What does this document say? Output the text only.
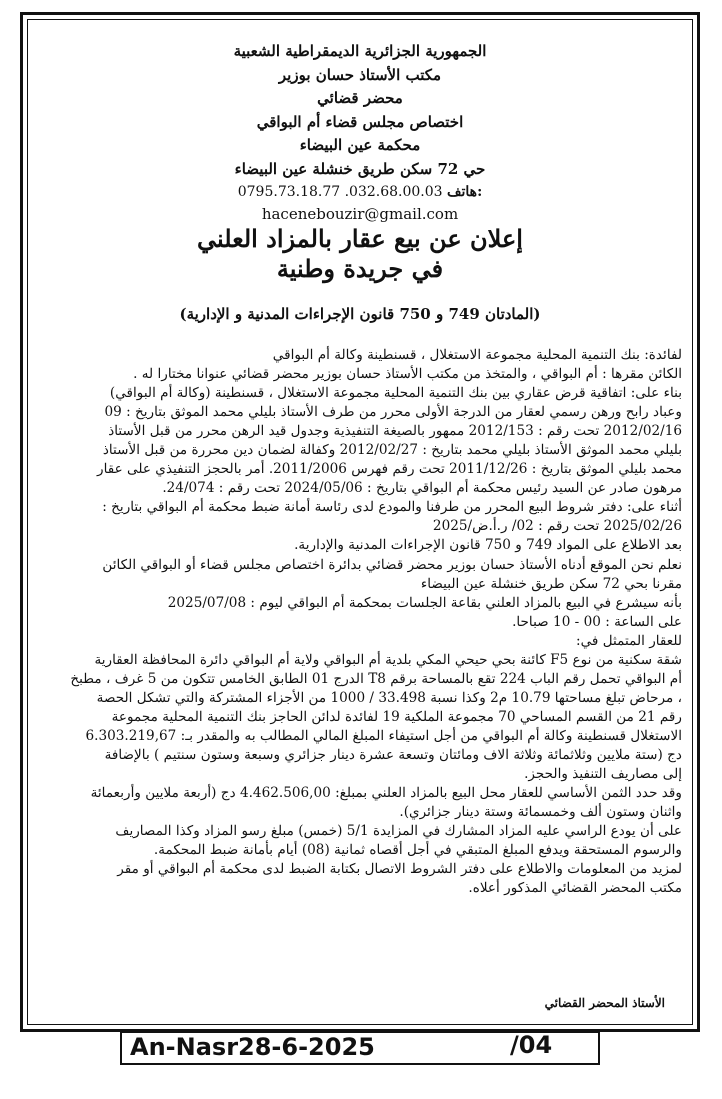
الجمهورية الجزائرية الديمقراطية الشعبية
مكتب الأستاذ حسان بوزير
محضر قضائي
اختصاص مجلس قضاء أم البواقي
محكمة عين البيضاء
حي 72 سكن طريق خنشلة عين البيضاء
0795.73.18.77 .032.68.00.03 هاتف:
hacenebouzir@gmail.com
إعلان عن بيع عقار بالمزاد العلني
في جريدة وطنية
(المادتان 749 و 750 قانون الإجراءات المدنية و الإدارية)
لفائدة: بنك التنمية المحلية مجموعة الاستغلال ، قسنطينة وكالة أم البواقي
الكائن مقرها : أم البواقي ، والمتخذ من مكتب الأستاذ حسان بوزير محضر قضائي عنوانا مختارا له .
بناء على: اتفاقية قرض عقاري بين بنك التنمية المحلية مجموعة الاستغلال ، قسنطينة (وكالة أم البواقي)
وعباد رابح ورهن رسمي لعقار من الدرجة الأولى محرر من طرف الأستاذ بليلي محمد الموثق بتاريخ : 09
2012/02/16 تحت رقم : 2012/153 ممهور بالصيغة التنفيذية وجدول قيد الرهن محرر من قبل الأستاذ
بليلي محمد الموثق الأستاذ بليلي محمد بتاريخ : 2012/02/27 وكفالة لضمان دين محررة من قبل الأستاذ
محمد بليلي الموثق بتاريخ : 2011/12/26 تحت رقم فهرس 2011/2006. أمر بالحجز التنفيذي على عقار
مرهون صادر عن السيد رئيس محكمة أم البواقي بتاريخ : 2024/05/06 تحت رقم : 24/074.
أثناء على: دفتر شروط البيع المحرر من طرفنا والمودع لدى رئاسة أمانة ضبط محكمة أم البواقي بتاريخ :
2025/02/26 تحت رقم : 02/ ر.أ.ض/2025
بعد الاطلاع على المواد 749 و 750 قانون الإجراءات المدنية والإدارية.
نعلم نحن الموقع أدناه الأستاذ حسان بوزير محضر قضائي بدائرة اختصاص مجلس قضاء أو البواقي الكائن
مقرنا بحي 72 سكن طريق خنشلة عين البيضاء
بأنه سيشرع في البيع بالمزاد العلني بقاعة الجلسات بمحكمة أم البواقي ليوم : 2025/07/08
على الساعة : 00 - 10 صباحا.
للعقار المتمثل في:
شقة سكنية من نوع F5 كائنة بحي حيحي المكي بلدية أم البواقي ولاية أم البواقي دائرة المحافظة العقارية
أم البواقي تحمل رقم الباب 224 تقع بالمساحة برقم T8 الدرج 01 الطابق الخامس تتكون من 5 غرف ، مطبخ
، مرحاض تبلغ مساحتها 10.79 م2 وكذا نسبة 33.498 / 1000 من الأجزاء المشتركة والتي تشكل الحصة
رقم 21 من القسم المساحي 70 مجموعة الملكية 19 لفائدة لدائن الحاجز بنك التنمية المحلية مجموعة
الاستغلال قسنطينة وكالة أم البواقي من أجل استيفاء المبلغ المالي المطالب به والمقدر بـ: 6.303.219,67
دج (ستة ملايين وثلاثمائة وثلاثة الاف ومائتان وتسعة عشرة دينار جزائري وسبعة وستون سنتيم ) بالإضافة
إلى مصاريف التنفيذ والحجز.
وقد حدد الثمن الأساسي للعقار محل البيع بالمزاد العلني بمبلغ: 4.462.506,00 دج (أربعة ملايين وأربعمائة
واثنان وستون ألف وخمسمائة وستة دينار جزائري).
على أن يودع الراسي عليه المزاد المشارك في المزايدة 5/1 (خمس) مبلغ رسو المزاد وكذا المصاريف
والرسوم المستحقة ويدفع المبلغ المتبقي في أجل أقصاه ثمانية (08) أيام بأمانة ضبط المحكمة.
لمزيد من المعلومات والاطلاع على دفتر الشروط الاتصال بكتابة الضبط لدى محكمة أم البواقي أو مقر
مكتب المحضر القضائي المذكور أعلاه.
الأستاذ المحضر القضائي
An-Nasr28-6-2025	/04
